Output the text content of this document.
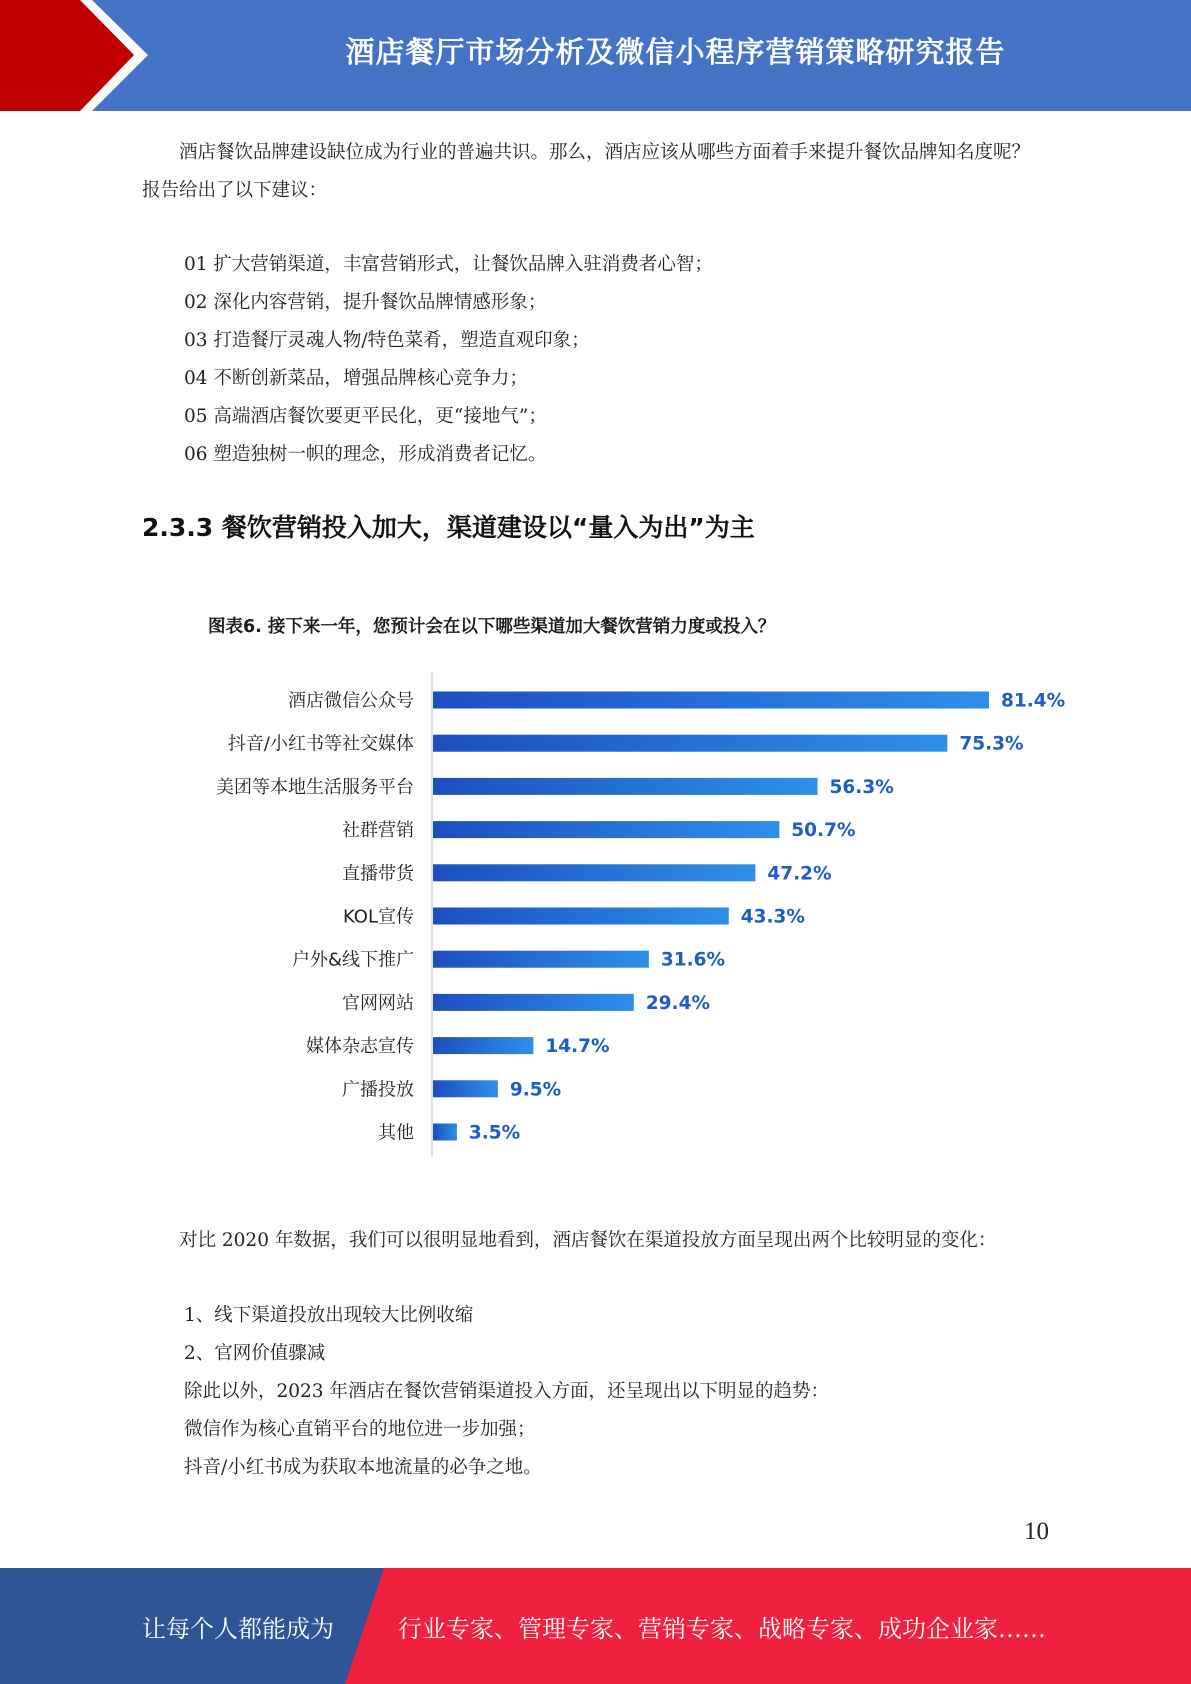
酒店餐厅市场分析及微信小程序营销策略研究报告

酒店餐饮品牌建设缺位成为行业的普遍共识。那么，酒店应该从哪些方面着手来提升餐饮品牌知名度呢？报告给出了以下建议：

01 扩大营销渠道，丰富营销形式，让餐饮品牌入驻消费者心智；
02 深化内容营销，提升餐饮品牌情感形象；
03 打造餐厅灵魂人物/特色菜肴，塑造直观印象；
04 不断创新菜品，增强品牌核心竞争力；
05 高端酒店餐饮要更平民化，更“接地气”；
06 塑造独树一帜的理念，形成消费者记忆。
2.3.3 餐饮营销投入加大，渠道建设以“量入为出”为主
酒店微信公众号	81.4%
抖音/小红书等社交媒体	75.3%
美团等本地生活服务平台	56.3%
社群营销	50.7%
直播带货	47.2%
KOL宣传	43.3%
户外&线下推广	31.6%
官网网站	29.4%
媒体杂志宣传	14.7%
广播投放	9.5%
其他	3.5%
图表6. 接下来一年，您预计会在以下哪些渠道加大餐饮营销力度或投入？

对比 2020 年数据，我们可以很明显地看到，酒店餐饮在渠道投放方面呈现出两个比较明显的变化：

1、线下渠道投放出现较大比例收缩

2、官网价值骤减

除此以外，2023 年酒店在餐饮营销渠道投入方面，还呈现出以下明显的趋势：

微信作为核心直销平台的地位进一步加强；

抖音/小红书成为获取本地流量的必争之地。

10
让每个人都能成为	行业专家、管理专家、营销专家、战略专家、成功企业家……
